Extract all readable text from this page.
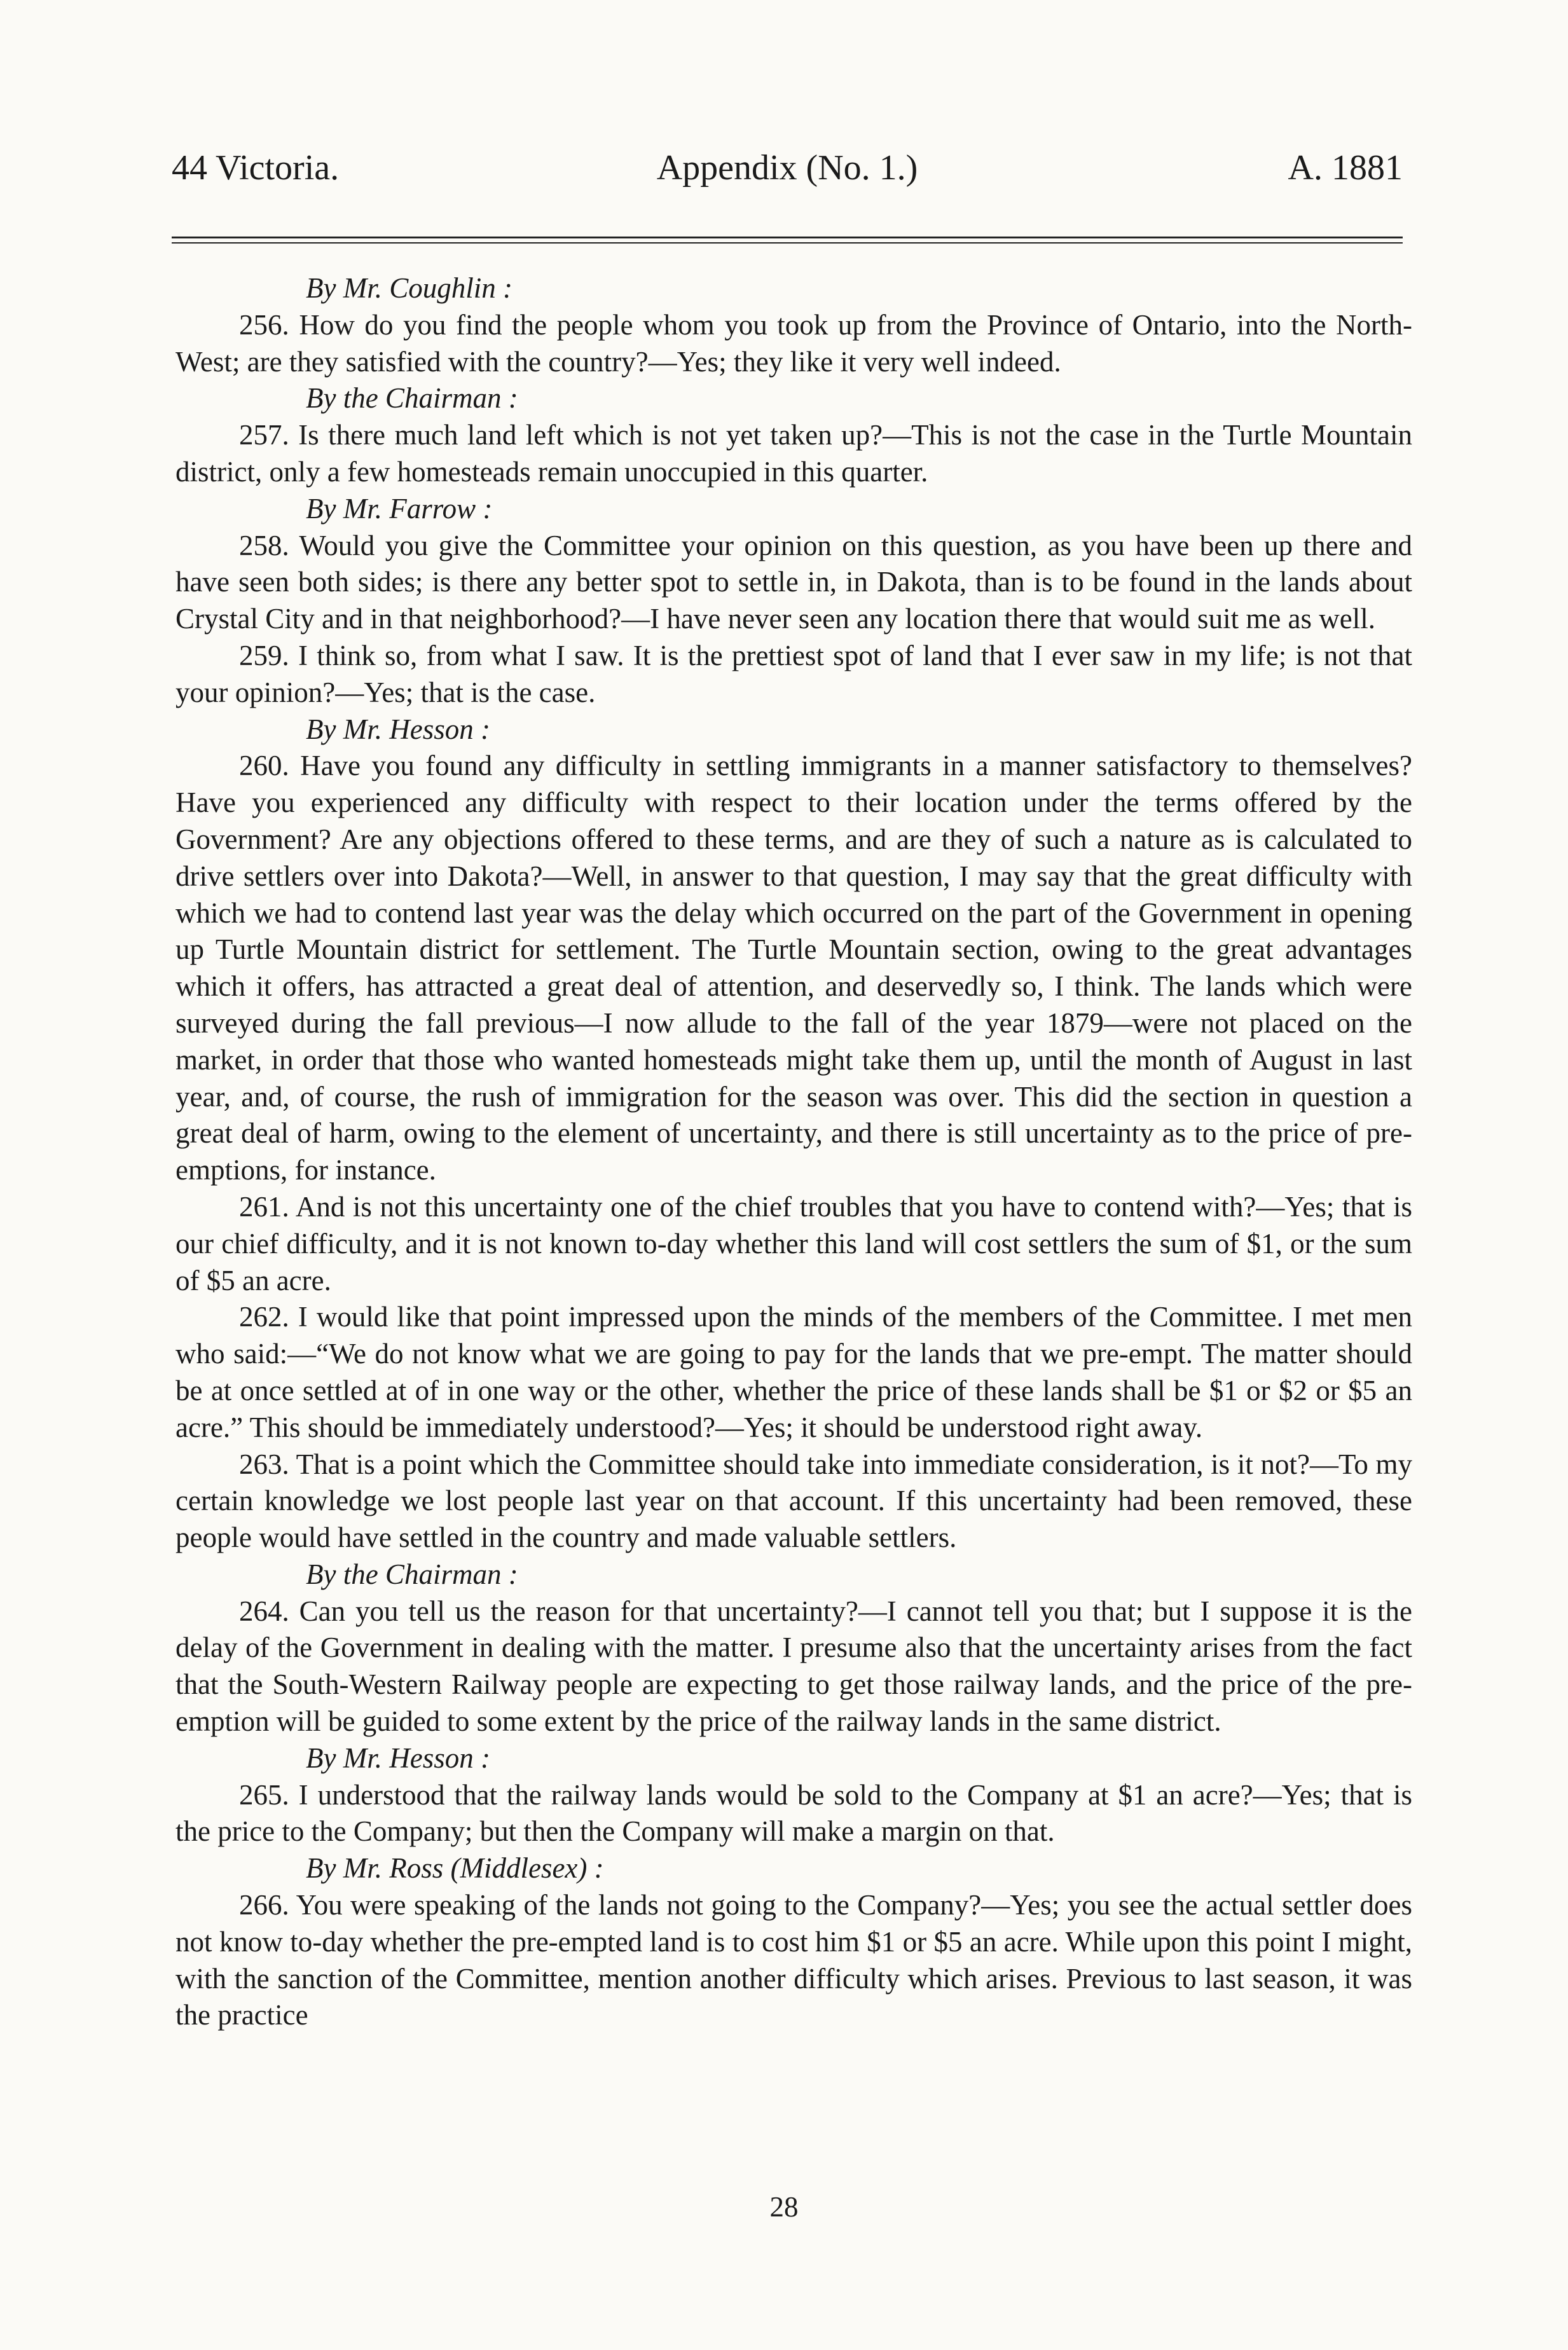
44 Victoria.	Appendix (No. 1.)	A. 1881

By Mr. Coughlin :

256. How do you find the people whom you took up from the Province of Ontario, into the North-West; are they satisfied with the country?—Yes; they like it very well indeed.

By the Chairman :

257. Is there much land left which is not yet taken up?—This is not the case in the Turtle Mountain district, only a few homesteads remain unoccupied in this quarter.

By Mr. Farrow :

258. Would you give the Committee your opinion on this question, as you have been up there and have seen both sides; is there any better spot to settle in, in Dakota, than is to be found in the lands about Crystal City and in that neighborhood?—I have never seen any location there that would suit me as well.

259. I think so, from what I saw. It is the prettiest spot of land that I ever saw in my life; is not that your opinion?—Yes; that is the case.

By Mr. Hesson :

260. Have you found any difficulty in settling immigrants in a manner satisfactory to themselves? Have you experienced any difficulty with respect to their location under the terms offered by the Government? Are any objections offered to these terms, and are they of such a nature as is calculated to drive settlers over into Dakota?—Well, in answer to that question, I may say that the great difficulty with which we had to contend last year was the delay which occurred on the part of the Government in opening up Turtle Mountain district for settlement. The Turtle Mountain section, owing to the great advantages which it offers, has attracted a great deal of attention, and deservedly so, I think. The lands which were surveyed during the fall previous—I now allude to the fall of the year 1879—were not placed on the market, in order that those who wanted homesteads might take them up, until the month of August in last year, and, of course, the rush of immigration for the season was over. This did the section in question a great deal of harm, owing to the element of uncertainty, and there is still uncertainty as to the price of pre-emptions, for instance.

261. And is not this uncertainty one of the chief troubles that you have to contend with?—Yes; that is our chief difficulty, and it is not known to-day whether this land will cost settlers the sum of $1, or the sum of $5 an acre.

262. I would like that point impressed upon the minds of the members of the Committee. I met men who said:—“We do not know what we are going to pay for the lands that we pre-empt. The matter should be at once settled at of in one way or the other, whether the price of these lands shall be $1 or $2 or $5 an acre.” This should be immediately understood?—Yes; it should be understood right away.

263. That is a point which the Committee should take into immediate consideration, is it not?—To my certain knowledge we lost people last year on that account. If this uncertainty had been removed, these people would have settled in the country and made valuable settlers.

By the Chairman :

264. Can you tell us the reason for that uncertainty?—I cannot tell you that; but I suppose it is the delay of the Government in dealing with the matter. I presume also that the uncertainty arises from the fact that the South-Western Railway people are expecting to get those railway lands, and the price of the pre-emption will be guided to some extent by the price of the railway lands in the same district.

By Mr. Hesson :

265. I understood that the railway lands would be sold to the Company at $1 an acre?—Yes; that is the price to the Company; but then the Company will make a margin on that.

By Mr. Ross (Middlesex) :

266. You were speaking of the lands not going to the Company?—Yes; you see the actual settler does not know to-day whether the pre-empted land is to cost him $1 or $5 an acre. While upon this point I might, with the sanction of the Committee, mention another difficulty which arises. Previous to last season, it was the practice

28
